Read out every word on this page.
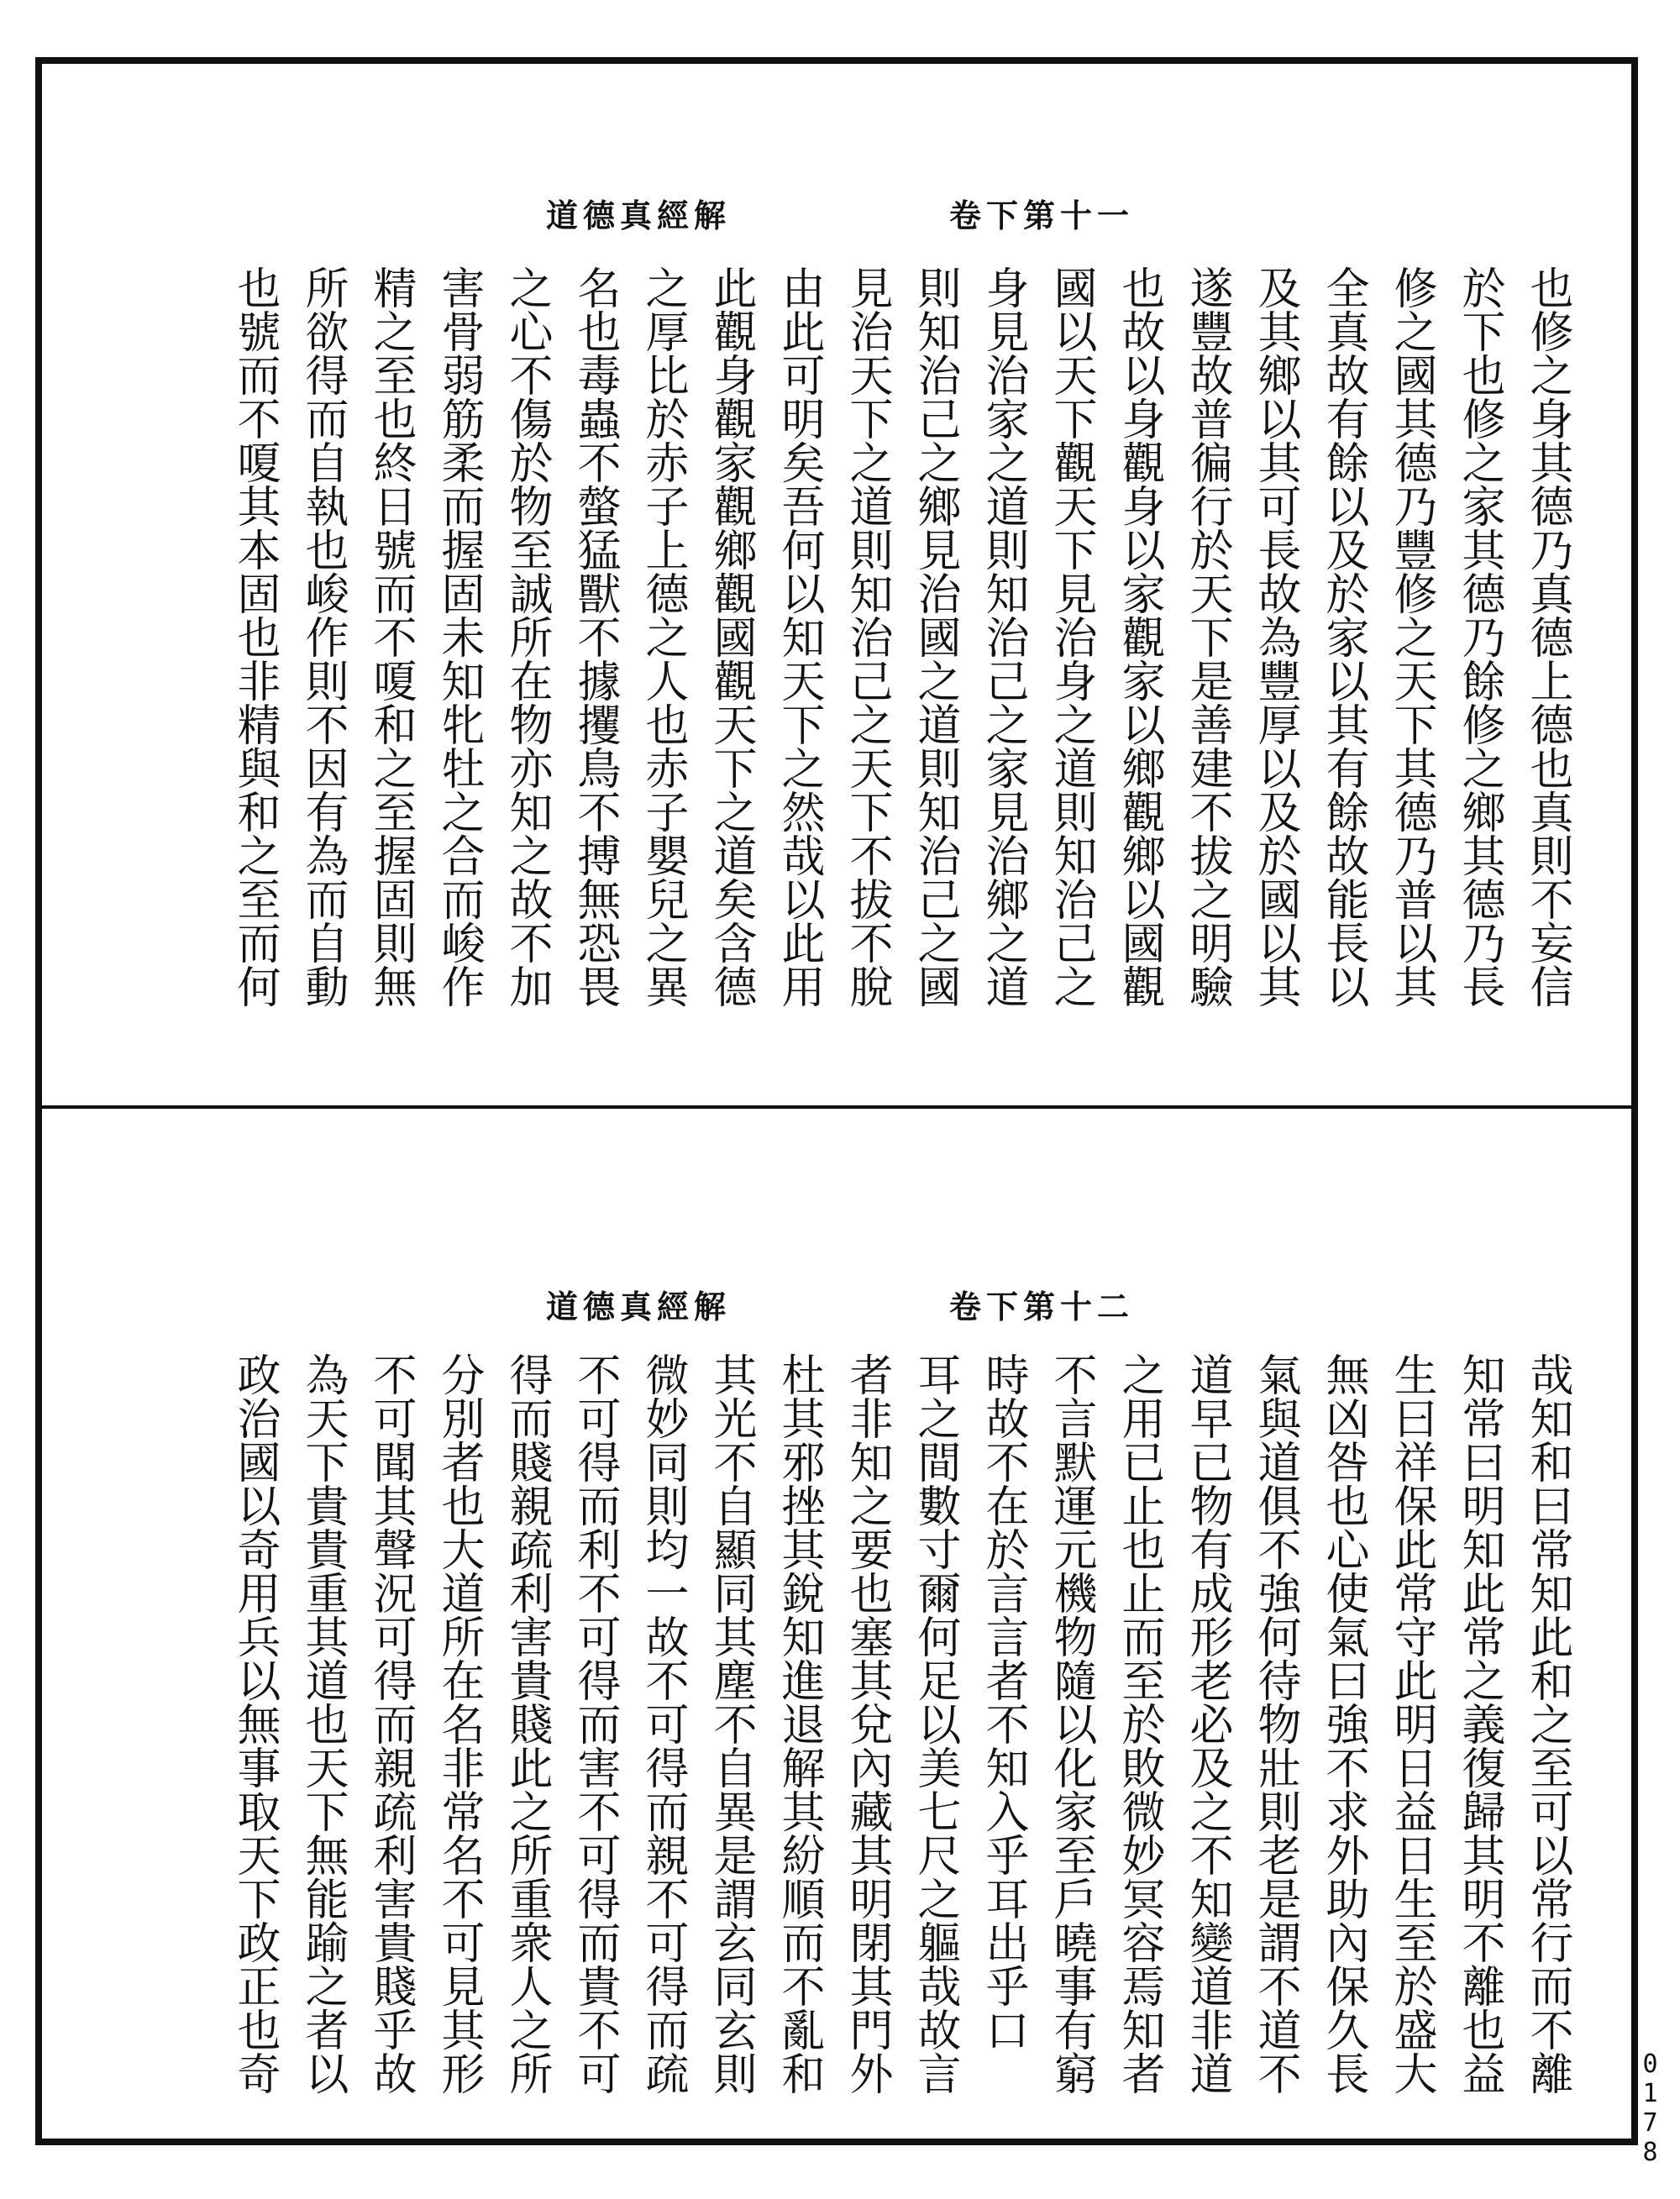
道德真經解	卷下第十一
也修之身其德乃真德上德也真則不妄信
於下也修之家其德乃餘修之鄉其德乃長
修之國其德乃豐修之天下其德乃普以其
全真故有餘以及於家以其有餘故能長以
及其鄉以其可長故為豐厚以及於國以其
遂豐故普徧行於天下是善建不拔之明驗
也故以身觀身以家觀家以鄉觀鄉以國觀
國以天下觀天下見治身之道則知治己之
身見治家之道則知治己之家見治鄉之道
則知治己之鄉見治國之道則知治己之國
見治天下之道則知治己之天下不拔不脫
由此可明矣吾何以知天下之然哉以此用
此觀身觀家觀鄉觀國觀天下之道矣含德
之厚比於赤子上德之人也赤子嬰兒之異
名也毒蟲不螫猛獸不據攫鳥不搏無恐畏
之心不傷於物至誠所在物亦知之故不加
害骨弱筋柔而握固未知牝牡之合而峻作
精之至也終日號而不嗄和之至握固則無
所欲得而自執也峻作則不因有為而自動
也號而不嗄其本固也非精與和之至而何
道德真經解	卷下第十二
哉知和曰常知此和之至可以常行而不離
知常曰明知此常之義復歸其明不離也益
生曰祥保此常守此明日益日生至於盛大
無凶咎也心使氣曰強不求外助內保久長
氣與道俱不強何待物壯則老是謂不道不
道早已物有成形老必及之不知變道非道
之用已止也止而至於敗微妙冥容焉知者
不言默運元機物隨以化家至戶曉事有窮
時故不在於言言者不知入乎耳出乎口
耳之間數寸爾何足以美七尺之軀哉故言
者非知之要也塞其兌內藏其明閉其門外
杜其邪挫其銳知進退解其紛順而不亂和
其光不自顯同其塵不自異是謂玄同玄則
微妙同則均一故不可得而親不可得而疏
不可得而利不可得而害不可得而貴不可
得而賤親疏利害貴賤此之所重衆人之所
分別者也大道所在名非常名不可見其形
不可聞其聲況可得而親疏利害貴賤乎故
為天下貴貴重其道也天下無能踰之者以
政治國以奇用兵以無事取天下政正也奇
0178
